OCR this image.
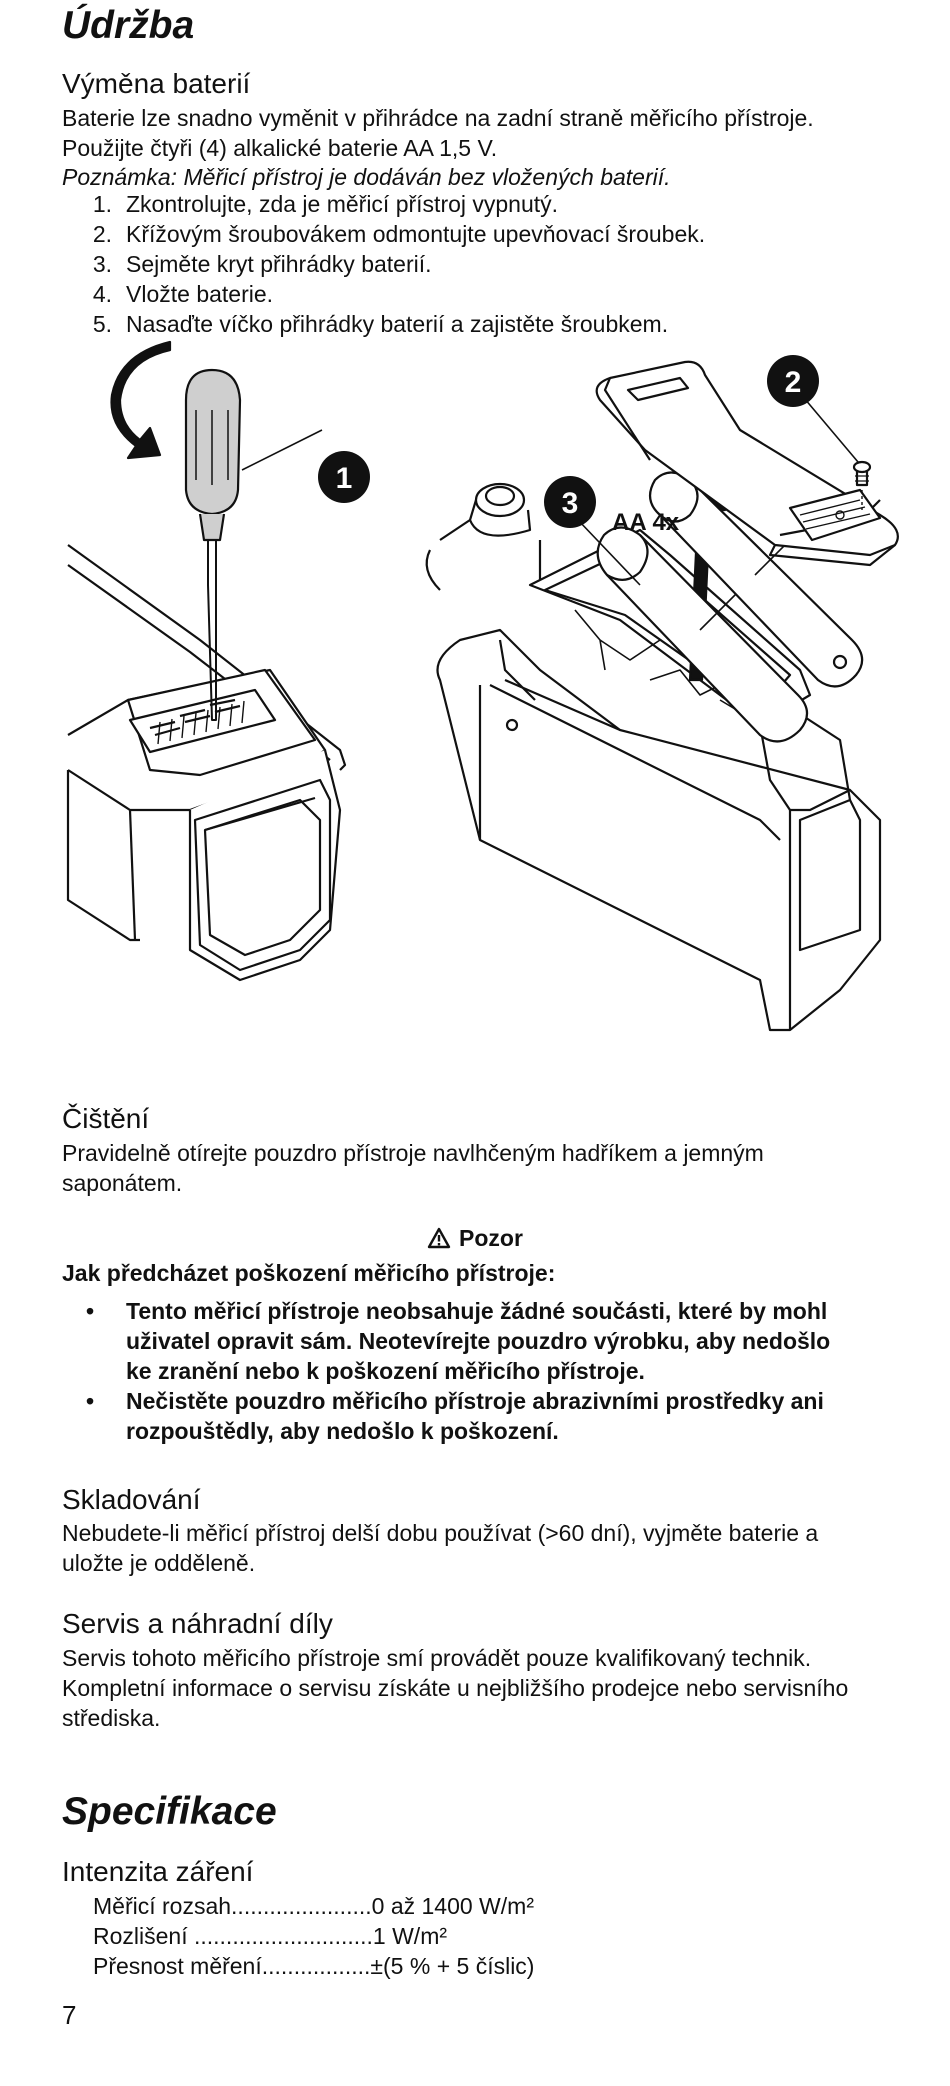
Údržba
Výměna baterií

Baterie lze snadno vyměnit v přihrádce na zadní straně měřicího přístroje.

Použijte čtyři (4) alkalické baterie AA 1,5 V.

Poznámka: Měřicí přístroj je dodáván bez vložených baterií.

1. Zkontrolujte, zda je měřicí přístroj vypnutý.
2. Křížovým šroubovákem odmontujte upevňovací šroubek.
3. Sejměte kryt přihrádky baterií.
4. Vložte baterie.
5. Nasaďte víčko přihrádky baterií a zajistěte šroubkem.
1
2
3
AA 4x
Čištění

Pravidelně otírejte pouzdro přístroje navlhčeným hadříkem a jemným

saponátem.

Pozor

Jak předcházet poškození měřicího přístroje:

•	Tento měřicí přístroje neobsahuje žádné součásti, které by mohl
uživatel opravit sám. Neotevírejte pouzdro výrobku, aby nedošlo
ke zranění nebo k poškození měřicího přístroje.
•	Nečistěte pouzdro měřicího přístroje abrazivními prostředky ani
rozpouštědly, aby nedošlo k poškození.
Skladování

Nebudete-li měřicí přístroj delší dobu používat (>60 dní), vyjměte baterie a

uložte je odděleně.

Servis a náhradní díly

Servis tohoto měřicího přístroje smí provádět pouze kvalifikovaný technik.

Kompletní informace o servisu získáte u nejbližšího prodejce nebo servisního

střediska.

Specifikace
Intenzita záření
Měřicí rozsah......................0 až 1400 W/m²
Rozlišení ............................1 W/m²
Přesnost měření.................±(5 % + 5 číslic)
7
